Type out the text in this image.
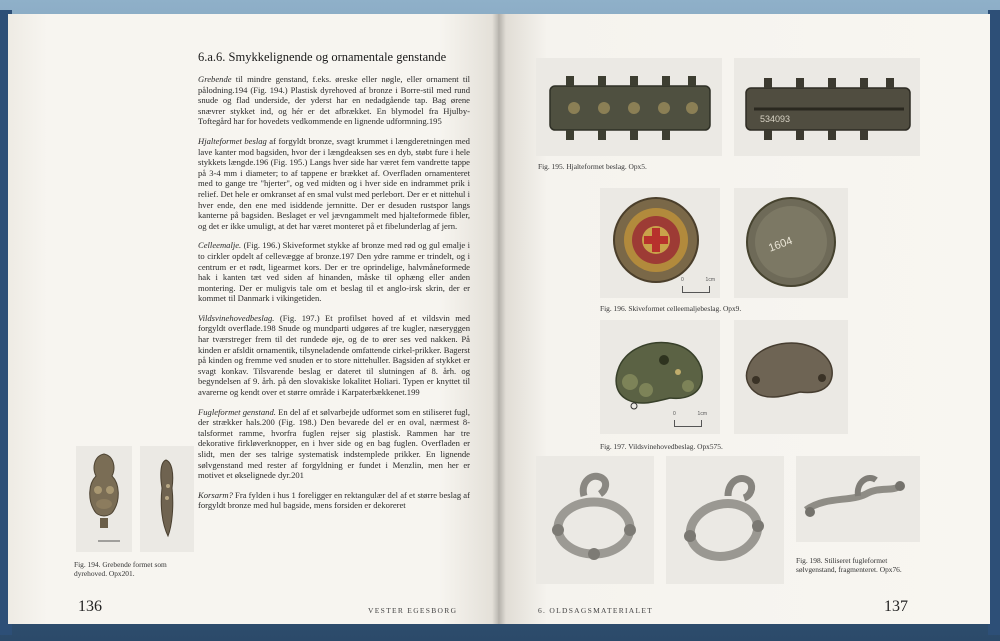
6.a.6. Smykkelignende og ornamentale genstande

Grebende til mindre genstand, f.eks. øreske eller nøgle, eller ornament til pålodning.194 (Fig. 194.) Plastisk dyrehoved af bronze i Borre-stil med rund snude og flad underside, der yderst har en nedadgående tap. Bag ørene snævrer stykket ind, og hér er det afbrækket. En blymodel fra Hjulby-Toftegård har for hovedets vedkommende en lignende udformning.195

Hjalteformet beslag af forgyldt bronze, svagt krummet i længderetningen med lave kanter mod bagsiden, hvor der i længdeaksen ses en dyb, støbt fure i hele stykkets længde.196 (Fig. 195.) Langs hver side har været fem vandrette tappe på 3-4 mm i diameter; to af tappene er brækket af. Overfladen ornamenteret med to gange tre "hjerter", og ved midten og i hver side en indrammet prik i relief. Det hele er omkranset af en smal vulst med perlebort. Der er et nittehul i hver ende, den ene med isiddende jernnitte. Der er desuden rustspor langs kanterne på bagsiden. Beslaget er vel jævngammelt med hjalteformede fibler, og det er ikke umuligt, at det har været monteret på et fibelunderlag af jern.

Celleemalje. (Fig. 196.) Skiveformet stykke af bronze med rød og gul emalje i to cirkler opdelt af cellevægge af bronze.197 Den ydre ramme er trindelt, og i centrum er et rødt, ligearmet kors. Der er tre oprindelige, halvmåneformede hak i kanten tæt ved siden af hinanden, måske til ophæng eller anden montering. Der er muligvis tale om et beslag til et anglo-irsk skrin, der er kommet til Danmark i vikingetiden.

Vildsvinehovedbeslag. (Fig. 197.) Et profilset hoved af et vildsvin med forgyldt overflade.198 Snude og mundparti udgøres af tre kugler, næseryggen har tværstreger frem til det rundede øje, og de to ører ses ved nakken. På kinden er afsldit ornamentik, tilsyneladende omfattende cirkel-prikker. Bagerst på kinden og fremme ved snuden er to store nittehuller. Bagsiden af stykket er svagt konkav. Tilsvarende beslag er dateret til slutningen af 8. årh. og begyndelsen af 9. årh. på den slovakiske lokalitet Holiari. Typen er knyttet til avarerne og kendt over et større område i Karpaterbækkenet.199

Fugleformet genstand. En del af et sølvarbejde udformet som en stiliseret fugl, der strækker hals.200 (Fig. 198.) Den bevarede del er en oval, nærmest 8-talsformet ramme, hvorfra fuglen rejser sig plastisk. Rammen har tre dekorative firkløverknopper, en i hver side og en bag fuglen. Overfladen er slidt, men der ses talrige systematisk indstemplede prikker. En lignende sølvgenstand med rester af forgyldning er fundet i Menzlin, men her er motivet et økselignede dyr.201

Korsarm? Fra fylden i hus 1 foreligger en rektangulær del af et større beslag af forgyldt bronze med hul bagside, mens forsiden er dekoreret

Fig. 194. Grebende formet som dyrehoved. Opx201.
136	VESTER EGESBORG
534093
Fig. 195. Hjalteformet beslag. Opx5.
0	1cm
1604
Fig. 196. Skiveformet celleemaljebeslag. Opx9.
0	1cm
Fig. 197. Vildsvinehovedbeslag. Opx575.
Fig. 198. Stiliseret fugleformet sølvgenstand, fragmenteret. Opx76.
6. OLDSAGSMATERIALET	137
